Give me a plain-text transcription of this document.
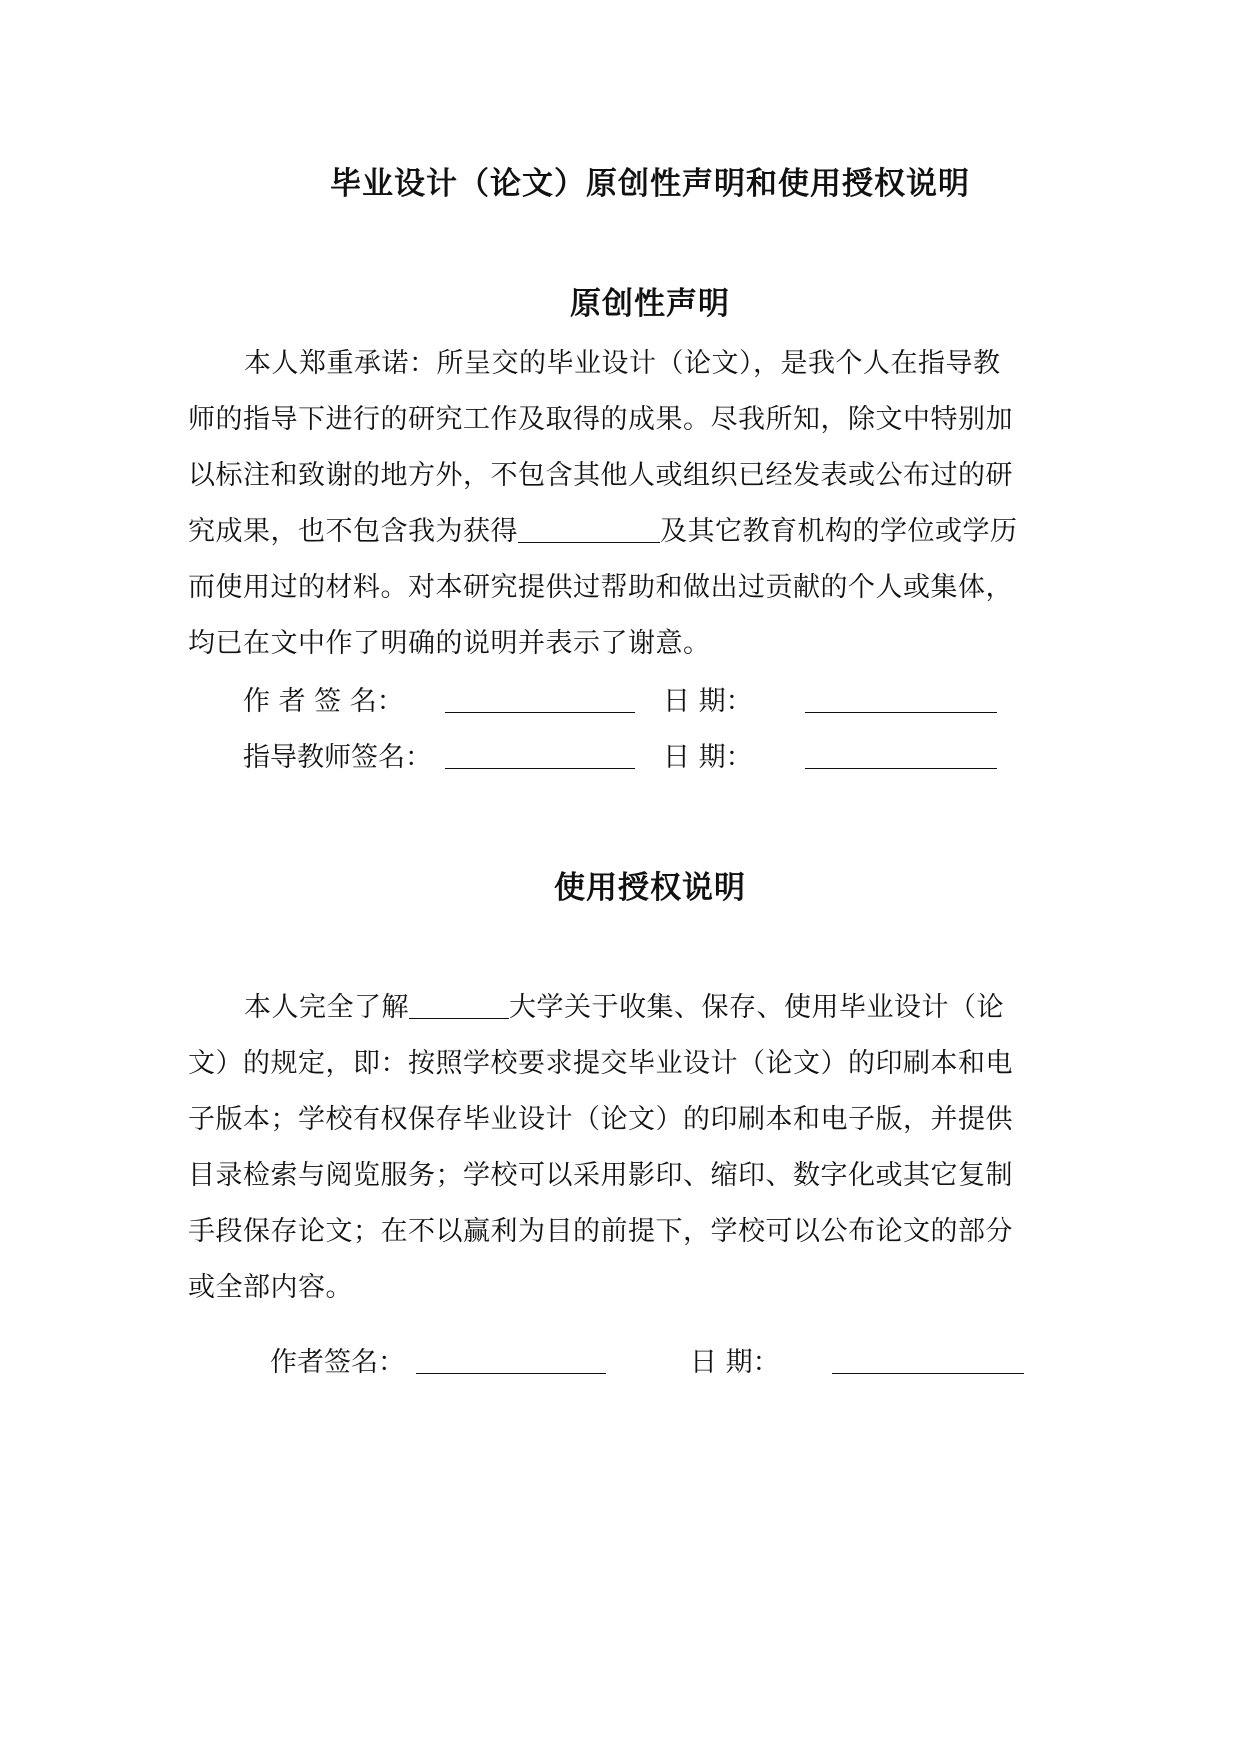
毕业设计（论文）原创性声明和使用授权说明
原创性声明
本人郑重承诺：所呈交的毕业设计（论文），是我个人在指导教
师的指导下进行的研究工作及取得的成果。尽我所知，除文中特别加
以标注和致谢的地方外，不包含其他人或组织已经发表或公布过的研
究成果，也不包含我为获得	及其它教育机构的学位或学历
而使用过的材料。对本研究提供过帮助和做出过贡献的个人或集体，
均已在文中作了明确的说明并表示了谢意。
作 者 签 名：	日 期：
指导教师签名：	日 期：
使用授权说明
本人完全了解	大学关于收集、保存、使用毕业设计（论
文）的规定，即：按照学校要求提交毕业设计（论文）的印刷本和电
子版本；学校有权保存毕业设计（论文）的印刷本和电子版，并提供
目录检索与阅览服务；学校可以采用影印、缩印、数字化或其它复制
手段保存论文；在不以赢利为目的前提下，学校可以公布论文的部分
或全部内容。
作者签名：	日 期：
